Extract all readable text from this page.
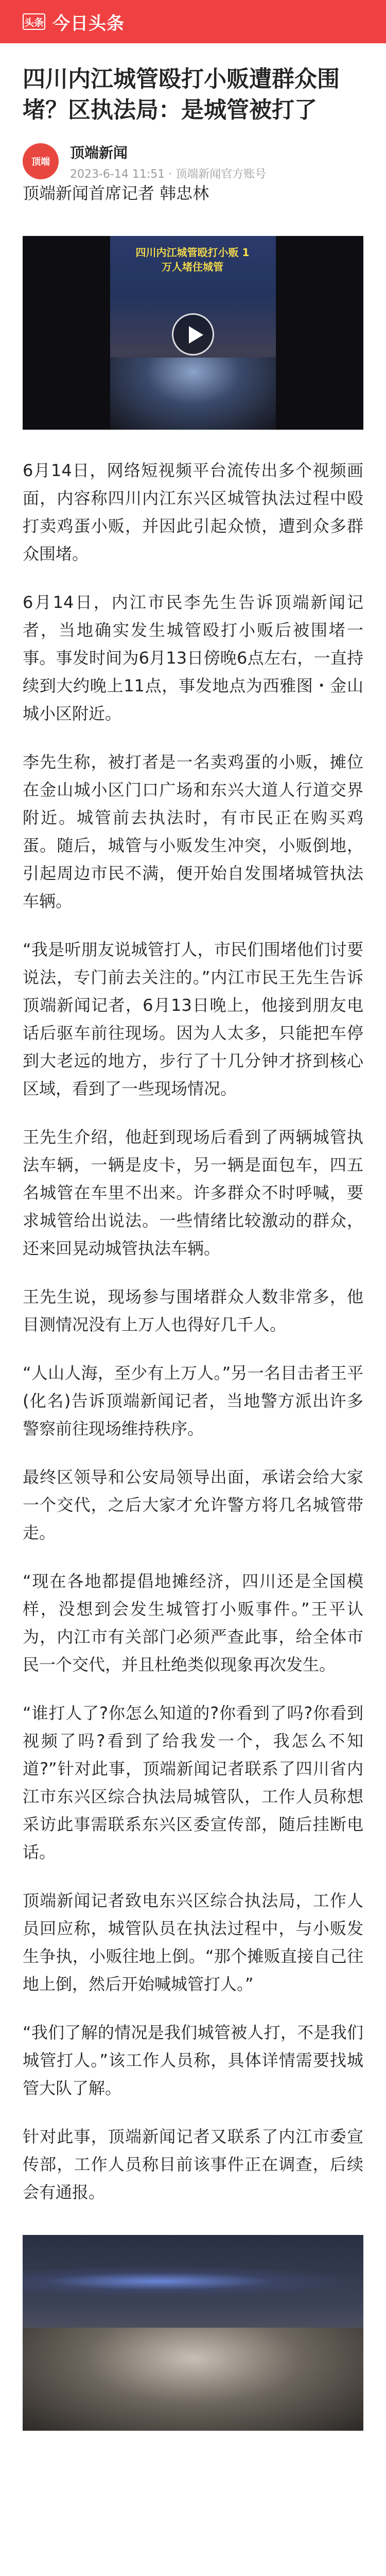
头条 今日头条
四川内江城管殴打小贩遭群众围堵？区执法局：是城管被打了
顶端
顶端新闻
2023-6-14 11:51 · 顶端新闻官方账号

顶端新闻首席记者 韩忠林

四川内江城管殴打小贩 1万人堵住城管

6月14日，网络短视频平台流传出多个视频画面，内容称四川内江东兴区城管执法过程中殴打卖鸡蛋小贩，并因此引起众愤，遭到众多群众围堵。

6月14日，内江市民李先生告诉顶端新闻记者，当地确实发生城管殴打小贩后被围堵一事。事发时间为6月13日傍晚6点左右，一直持续到大约晚上11点，事发地点为西雅图・金山城小区附近。

李先生称，被打者是一名卖鸡蛋的小贩，摊位在金山城小区门口广场和东兴大道人行道交界附近。城管前去执法时，有市民正在购买鸡蛋。随后，城管与小贩发生冲突，小贩倒地，引起周边市民不满，便开始自发围堵城管执法车辆。

“我是听朋友说城管打人，市民们围堵他们讨要说法，专门前去关注的。”内江市民王先生告诉顶端新闻记者，6月13日晚上，他接到朋友电话后驱车前往现场。因为人太多，只能把车停到大老远的地方，步行了十几分钟才挤到核心区域，看到了一些现场情况。

王先生介绍，他赶到现场后看到了两辆城管执法车辆，一辆是皮卡，另一辆是面包车，四五名城管在车里不出来。许多群众不时呼喊，要求城管给出说法。一些情绪比较激动的群众，还来回晃动城管执法车辆。

王先生说，现场参与围堵群众人数非常多，他目测情况没有上万人也得好几千人。

“人山人海，至少有上万人。”另一名目击者王平(化名)告诉顶端新闻记者，当地警方派出许多警察前往现场维持秩序。

最终区领导和公安局领导出面，承诺会给大家一个交代，之后大家才允许警方将几名城管带走。

“现在各地都提倡地摊经济，四川还是全国模样，没想到会发生城管打小贩事件。”王平认为，内江市有关部门必须严查此事，给全体市民一个交代，并且杜绝类似现象再次发生。

“谁打人了?你怎么知道的?你看到了吗?你看到视频了吗?看到了给我发一个，我怎么不知道?”针对此事，顶端新闻记者联系了四川省内江市东兴区综合执法局城管队，工作人员称想采访此事需联系东兴区委宣传部，随后挂断电话。

顶端新闻记者致电东兴区综合执法局，工作人员回应称，城管队员在执法过程中，与小贩发生争执，小贩往地上倒。“那个摊贩直接自己往地上倒，然后开始喊城管打人。”

“我们了解的情况是我们城管被人打，不是我们城管打人。”该工作人员称，具体详情需要找城管大队了解。

针对此事，顶端新闻记者又联系了内江市委宣传部，工作人员称目前该事件正在调查，后续会有通报。
